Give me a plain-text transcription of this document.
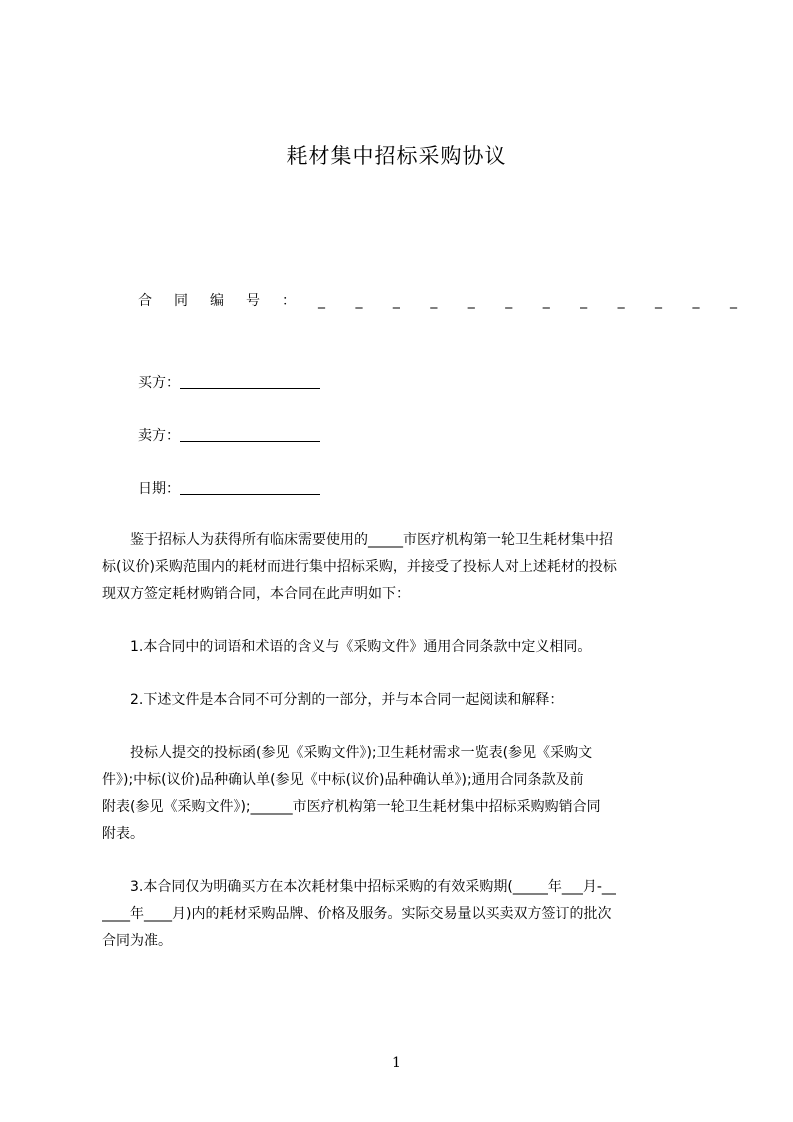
耗材集中招标采购协议
合同编号：_ _ _ _ _ _ _ _ _ _ _ _
买方：
卖方：
日期：
　　鉴于招标人为获得所有临床需要使用的_____市医疗机构第一轮卫生耗材集中招
标(议价)采购范围内的耗材而进行集中招标采购，并接受了投标人对上述耗材的投标
现双方签定耗材购销合同，本合同在此声明如下：
　　1.本合同中的词语和术语的含义与《采购文件》通用合同条款中定义相同。
　　2.下述文件是本合同不可分割的一部分，并与本合同一起阅读和解释：
　　投标人提交的投标函(参见《采购文件》);卫生耗材需求一览表(参见《采购文
件》);中标(议价)品种确认单(参见《中标(议价)品种确认单》);通用合同条款及前
附表(参见《采购文件》);______市医疗机构第一轮卫生耗材集中招标采购购销合同
附表。
　　3.本合同仅为明确买方在本次耗材集中招标采购的有效采购期(_____年___月-__
____年____月)内的耗材采购品牌、价格及服务。实际交易量以买卖双方签订的批次
合同为准。
1
